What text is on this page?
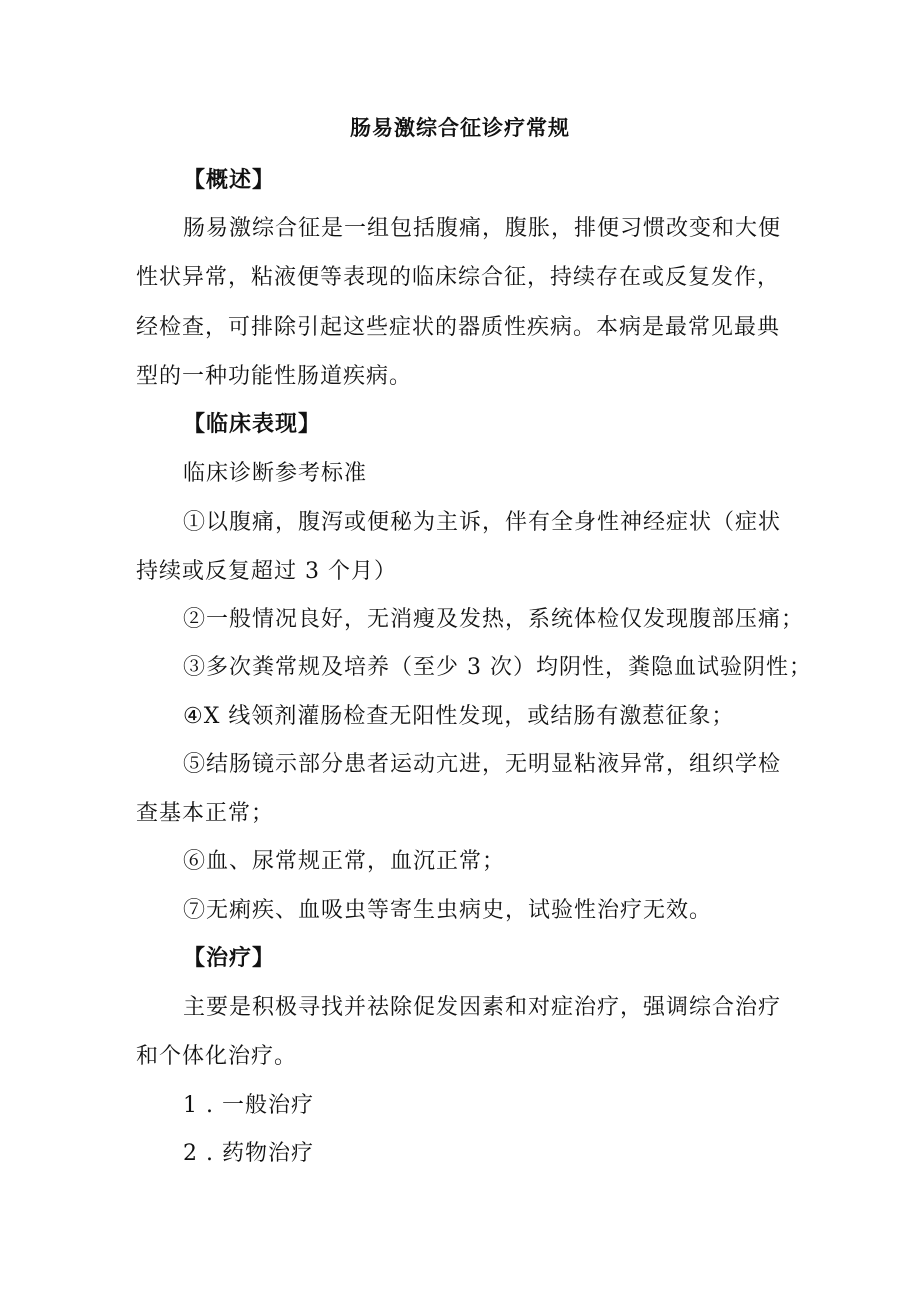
肠易激综合征诊疗常规
【概述】
肠易激综合征是一组包括腹痛，腹胀，排便习惯改变和大便
性状异常，粘液便等表现的临床综合征，持续存在或反复发作，
经检查，可排除引起这些症状的器质性疾病。本病是最常见最典
型的一种功能性肠道疾病。
【临床表现】
临床诊断参考标准
①以腹痛，腹泻或便秘为主诉，伴有全身性神经症状（症状
持续或反复超过 3 个月）
②一般情况良好，无消瘦及发热，系统体检仅发现腹部压痛；
③多次粪常规及培养（至少 3 次）均阴性，粪隐血试验阴性；
④X 线领剂灌肠检查无阳性发现，或结肠有激惹征象；
⑤结肠镜示部分患者运动亢进，无明显粘液异常，组织学检
查基本正常；
⑥血、尿常规正常，血沉正常；
⑦无痢疾、血吸虫等寄生虫病史，试验性治疗无效。
【治疗】
主要是积极寻找并祛除促发因素和对症治疗，强调综合治疗
和个体化治疗。
1 . 一般治疗
2 . 药物治疗
